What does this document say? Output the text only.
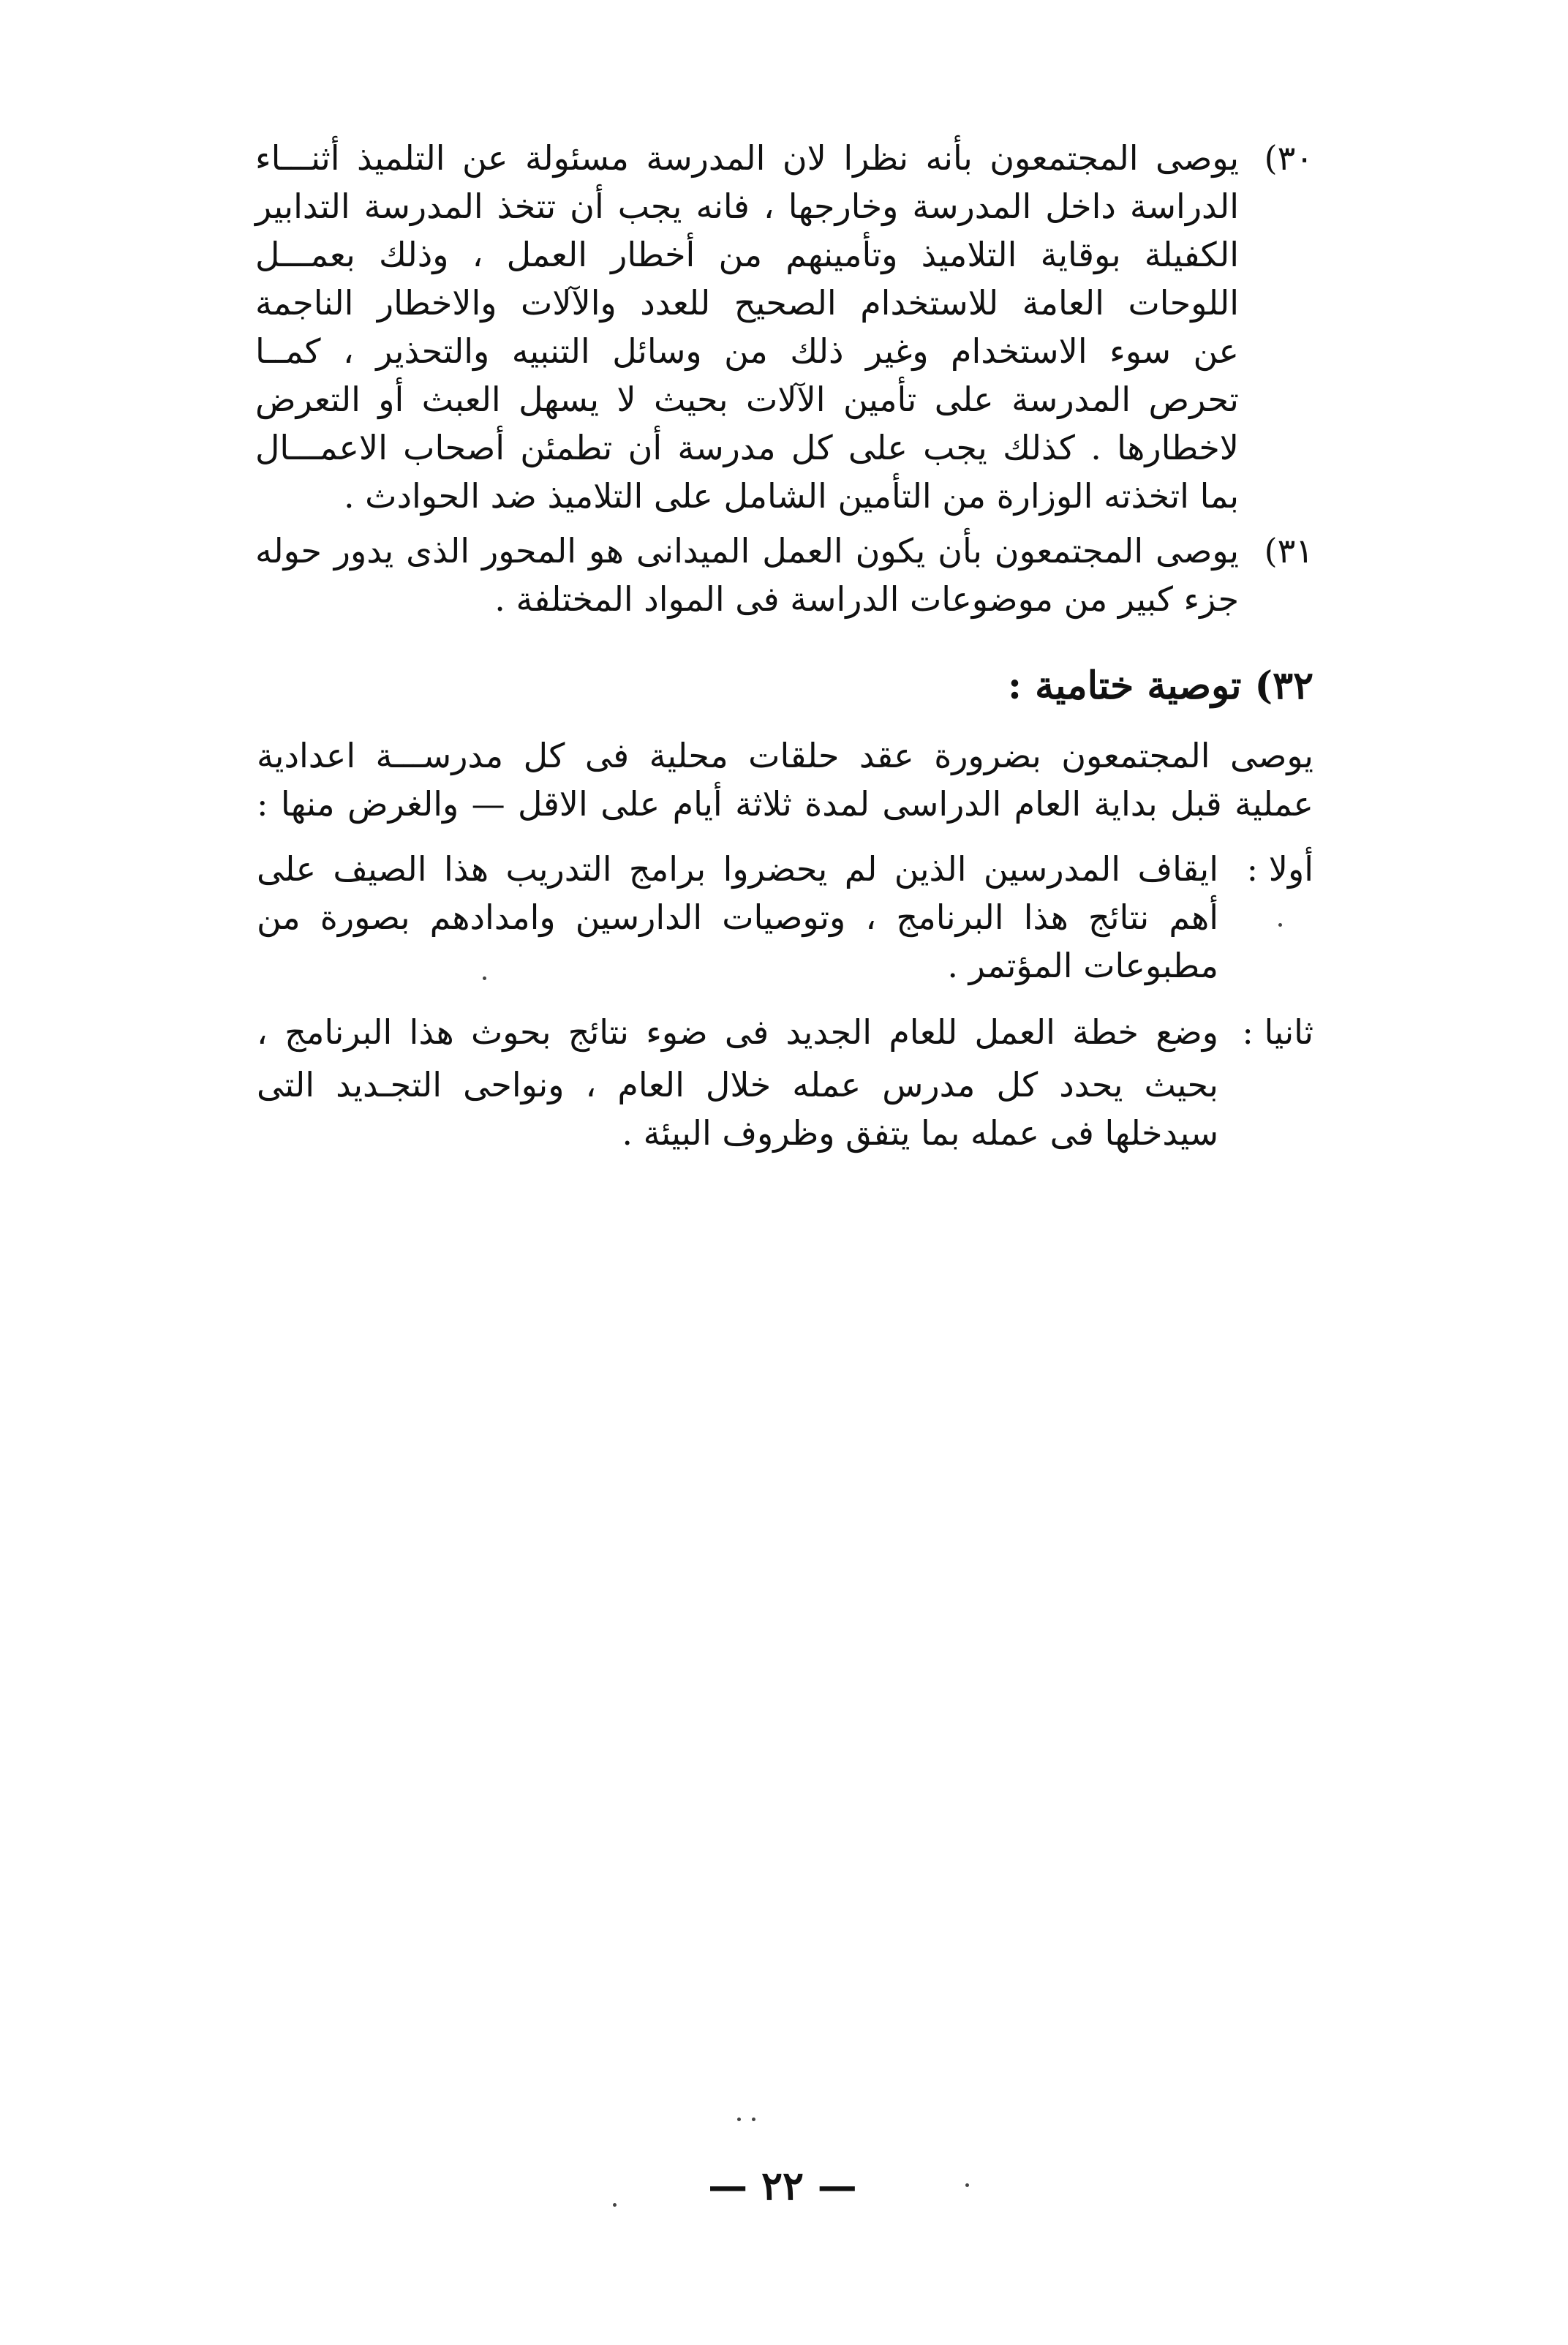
٣٠)
يوصى المجتمعون بأنه نظرا لان المدرسة مسئولة عن التلميذ أثنـــاء
الدراسة داخل المدرسة وخارجها ، فانه يجب أن تتخذ المدرسة التدابير
الكفيلة بوقاية التلاميذ وتأمينهم من أخطار العمل ، وذلك بعمـــل
اللوحات العامة للاستخدام الصحيح للعدد والآلات والاخطار الناجمة
عن سوء الاستخدام وغير ذلك من وسائل التنبيه والتحذير ، كمــا
تحرص المدرسة على تأمين الآلات بحيث لا يسهل العبث أو التعرض
لاخطارها . كذلك يجب على كل مدرسة أن تطمئن أصحاب الاعمـــال
بما اتخذته الوزارة من التأمين الشامل على التلاميذ ضد الحوادث .
٣١)
يوصى المجتمعون بأن يكون العمل الميدانى هو المحور الذى يدور حوله
جزء كبير من موضوعات الدراسة فى المواد المختلفة .
٣٢) توصية ختامية :
يوصى المجتمعون بضرورة عقد حلقات محلية فى كل مدرســـة اعدادية
عملية قبل بداية العام الدراسى لمدة ثلاثة أيام على الاقل — والغرض منها :
أولا :
ايقاف المدرسين الذين لم يحضروا برامج التدريب هذا الصيف على
أهم نتائج هذا البرنامج ، وتوصيات الدارسين وامدادهم بصورة من
مطبوعات المؤتمر .
ثانيا :
وضع خطة العمل للعام الجديد فى ضوء نتائج بحوث هذا البرنامج ،
بحيث يحدد كل مدرس عمله خلال العام ، ونواحى التجـديد التى
سيدخلها فى عمله بما يتفق وظروف البيئة .
— ٢٢ —
